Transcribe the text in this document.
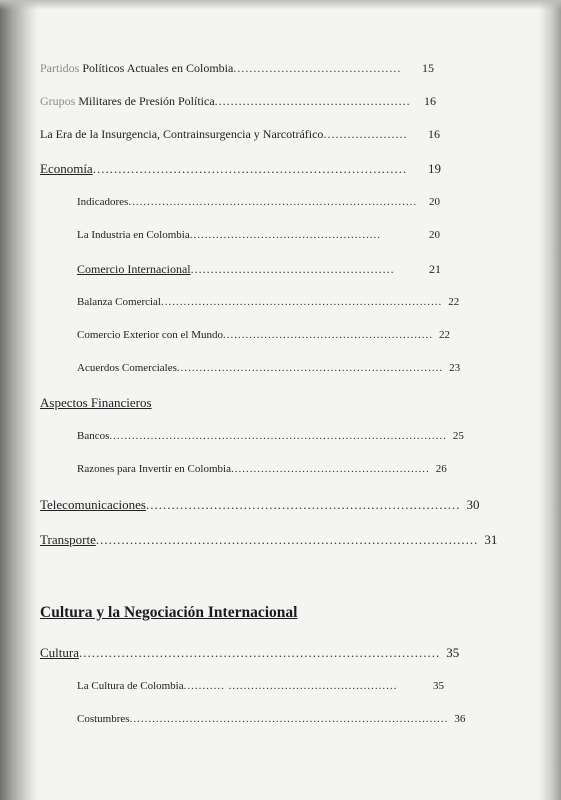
Partidos Políticos Actuales en Colombia ..........................................	15
Grupos Militares de Presión Política .................................................	16
La Era de la Insurgencia, Contrainsurgencia y Narcotráfico .....................	16
Economía ..........................................................................	19
Indicadores .............................................................................	20
La Industria en Colombia ...................................................	20
Comercio Internacional ...................................................	21
Balanza Comercial ........................................................................... 22
Comercio Exterior con el Mundo ........................................................ 22
Acuerdos Comerciales ....................................................................... 23
Aspectos Financieros
Bancos .......................................................................................... 25
Razones para Invertir en Colombia ..................................................... 26
Telecomunicaciones .......................................................................... 30
Transporte .......................................................................................... 31
Cultura y la Negociación Internacional
Cultura ..................................................................................... 35
La Cultura de Colombia ........... .............................................	35
Costumbres ..................................................................................... 36
